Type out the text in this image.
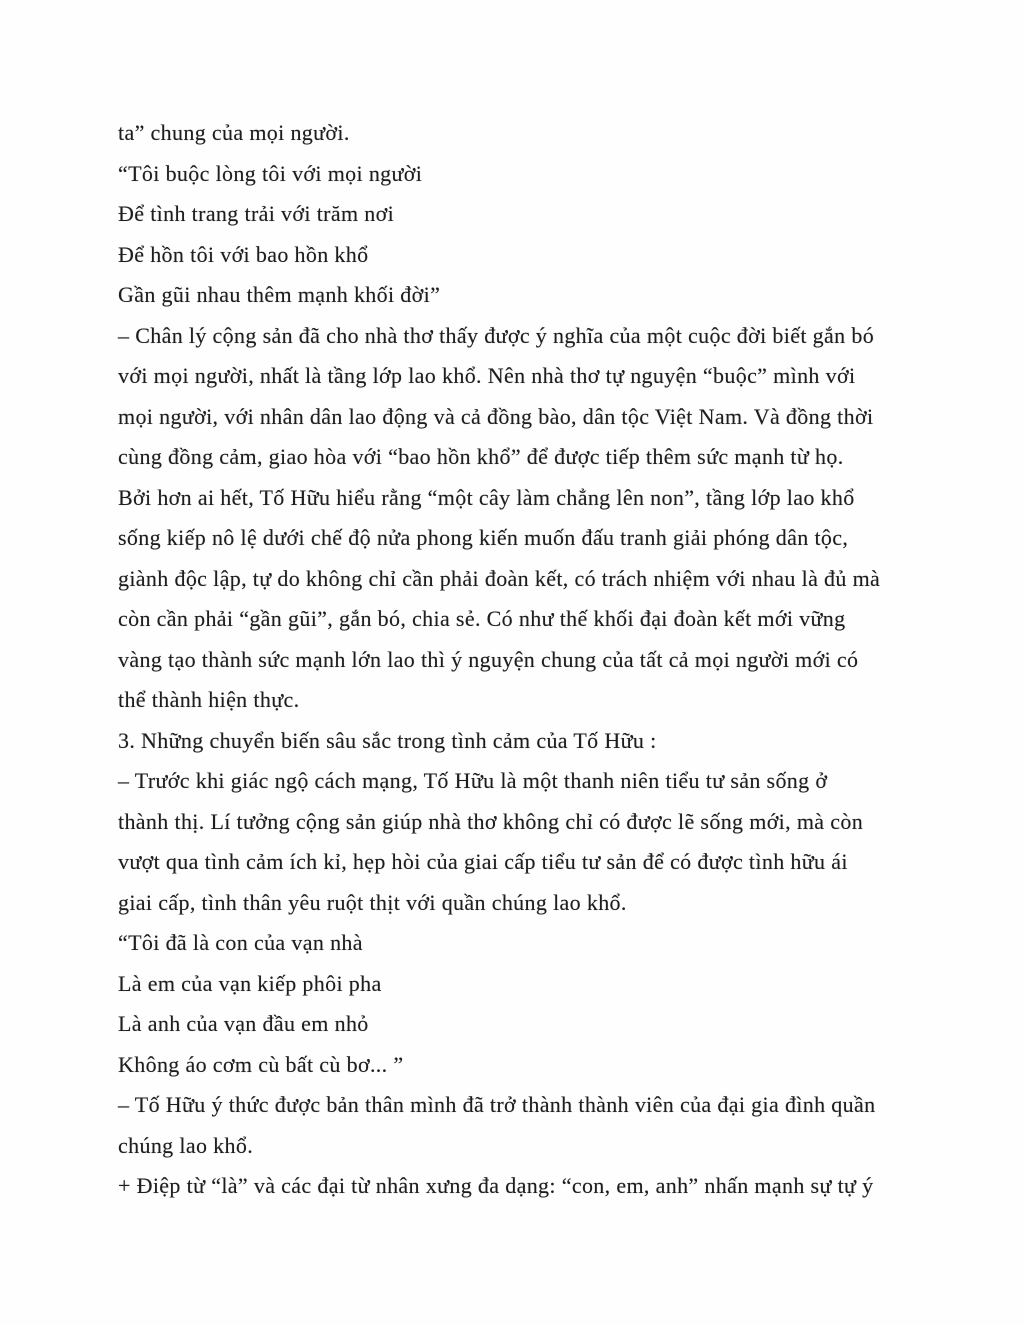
ta” chung của mọi người.
“Tôi buộc lòng tôi với mọi người
Để tình trang trải với trăm nơi
Để hồn tôi với bao hồn khổ
Gần gũi nhau thêm mạnh khối đời”
– Chân lý cộng sản đã cho nhà thơ thấy được ý nghĩa của một cuộc đời biết gắn bó
với mọi người, nhất là tầng lớp lao khổ. Nên nhà thơ tự nguyện “buộc” mình với
mọi người, với nhân dân lao động và cả đồng bào, dân tộc Việt Nam. Và đồng thời
cùng đồng cảm, giao hòa với “bao hồn khổ” để được tiếp thêm sức mạnh từ họ.
Bởi hơn ai hết, Tố Hữu hiểu rằng “một cây làm chẳng lên non”, tầng lớp lao khổ
sống kiếp nô lệ dưới chế độ nửa phong kiến muốn đấu tranh giải phóng dân tộc,
giành độc lập, tự do không chỉ cần phải đoàn kết, có trách nhiệm với nhau là đủ mà
còn cần phải “gần gũi”, gắn bó, chia sẻ. Có như thế khối đại đoàn kết mới vững
vàng tạo thành sức mạnh lớn lao thì ý nguyện chung của tất cả mọi người mới có
thể thành hiện thực.
3. Những chuyển biến sâu sắc trong tình cảm của Tố Hữu :
– Trước khi giác ngộ cách mạng, Tố Hữu là một thanh niên tiểu tư sản sống ở
thành thị. Lí tưởng cộng sản giúp nhà thơ không chỉ có được lẽ sống mới, mà còn
vượt qua tình cảm ích kỉ, hẹp hòi của giai cấp tiểu tư sản để có được tình hữu ái
giai cấp, tình thân yêu ruột thịt với quần chúng lao khổ.
“Tôi đã là con của vạn nhà
Là em của vạn kiếp phôi pha
Là anh của vạn đầu em nhỏ
Không áo cơm cù bất cù bơ... ”
– Tố Hữu ý thức được bản thân mình đã trở thành thành viên của đại gia đình quần
chúng lao khổ.
+ Điệp từ “là” và các đại từ nhân xưng đa dạng: “con, em, anh” nhấn mạnh sự tự ý
